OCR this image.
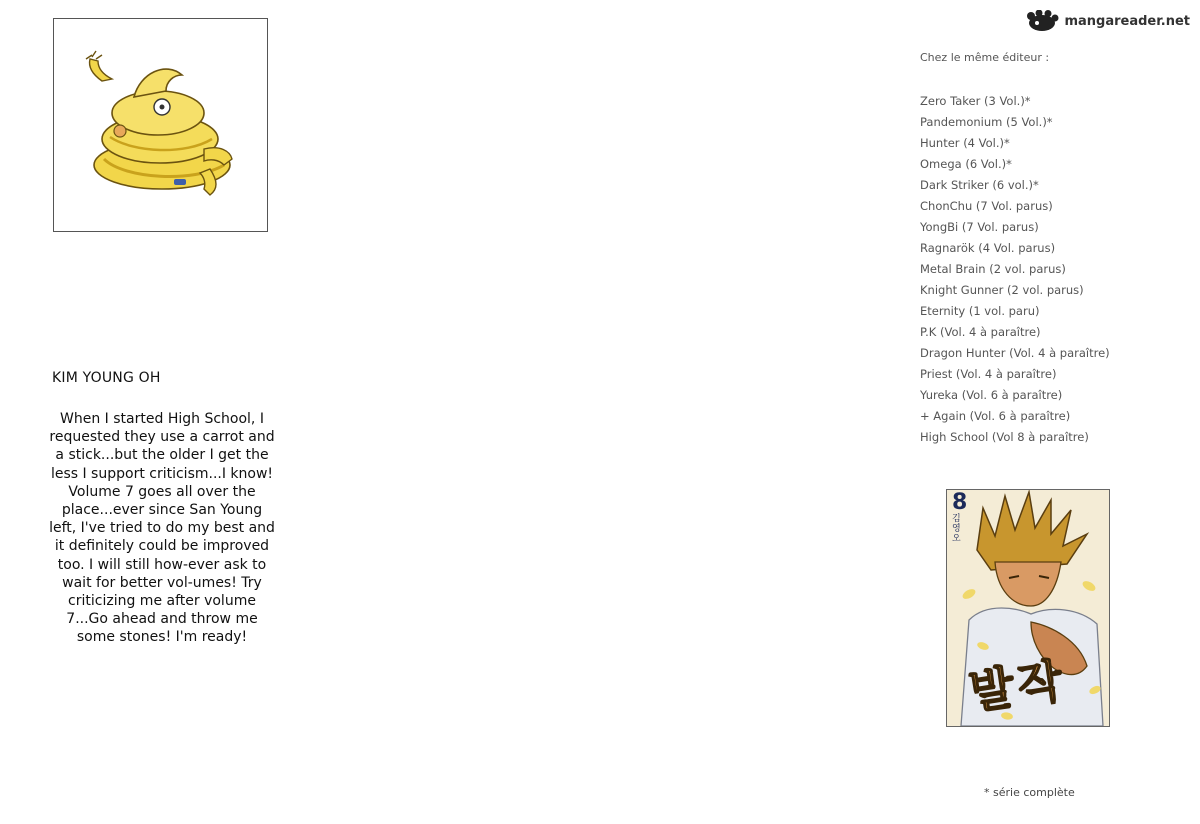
mangareader.net
KIM YOUNG OH
When I started High School, I requested they use a carrot and a stick...but the older I get the less I support criticism...I know! Volume 7 goes all over the place...ever since San Young left, I've tried to do my best and it definitely could be improved too. I will still how-ever ask to wait for better vol-umes! Try criticizing me after volume 7...Go ahead and throw me some stones! I'm ready!
Chez le même éditeur :
Zero Taker (3 Vol.)*
Pandemonium (5 Vol.)*
Hunter (4 Vol.)*
Omega (6 Vol.)*
Dark Striker (6 vol.)*
ChonChu (7 Vol. parus)
YongBi (7 Vol. parus)
Ragnarök (4 Vol. parus)
Metal Brain (2 vol. parus)
Knight Gunner (2 vol. parus)
Eternity (1 vol. paru)
P.K (Vol. 4 à paraître)
Dragon Hunter (Vol. 4 à paraître)
Priest (Vol. 4 à paraître)
Yureka (Vol. 6 à paraître)
+ Again (Vol. 6 à paraître)
High School (Vol 8 à paraître)
8
김영오
발작
* série complète
